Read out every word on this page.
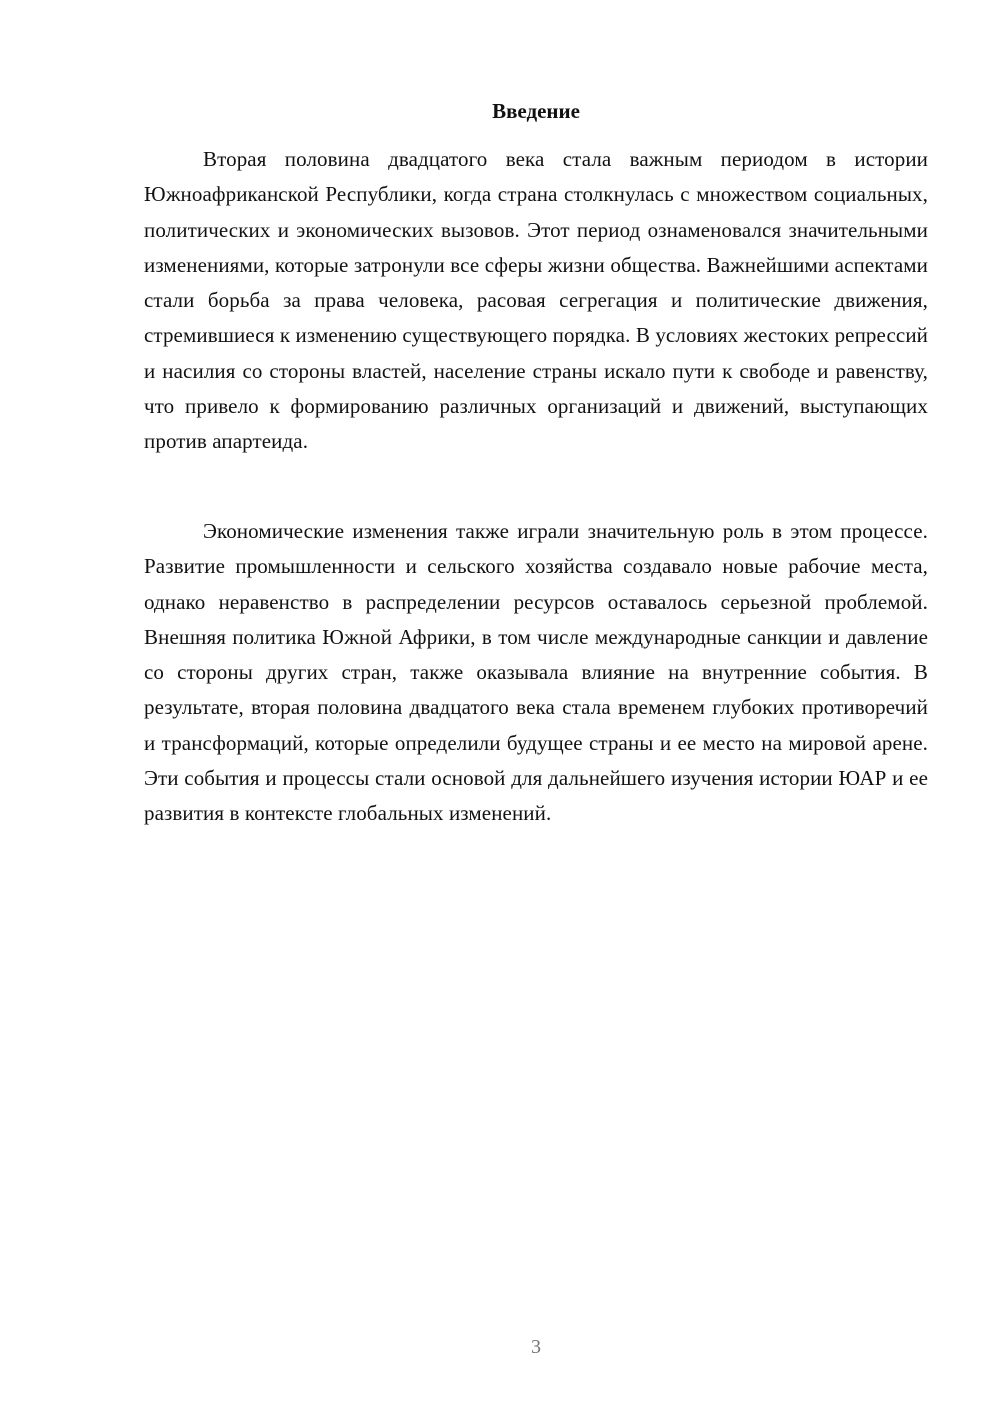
Введение

Вторая половина двадцатого века стала важным периодом в истории Южноафриканской Республики, когда страна столкнулась с множеством социальных, политических и экономических вызовов. Этот период ознаменовался значительными изменениями, которые затронули все сферы жизни общества. Важнейшими аспектами стали борьба за права человека, расовая сегрегация и политические движения, стремившиеся к изменению существующего порядка. В условиях жестоких репрессий и насилия со стороны властей, население страны искало пути к свободе и равенству, что привело к формированию различных организаций и движений, выступающих против апартеида.

Экономические изменения также играли значительную роль в этом процессе. Развитие промышленности и сельского хозяйства создавало новые рабочие места, однако неравенство в распределении ресурсов оставалось серьезной проблемой. Внешняя политика Южной Африки, в том числе международные санкции и давление со стороны других стран, также оказывала влияние на внутренние события. В результате, вторая половина двадцатого века стала временем глубоких противоречий и трансформаций, которые определили будущее страны и ее место на мировой арене. Эти события и процессы стали основой для дальнейшего изучения истории ЮАР и ее развития в контексте глобальных изменений.

3
